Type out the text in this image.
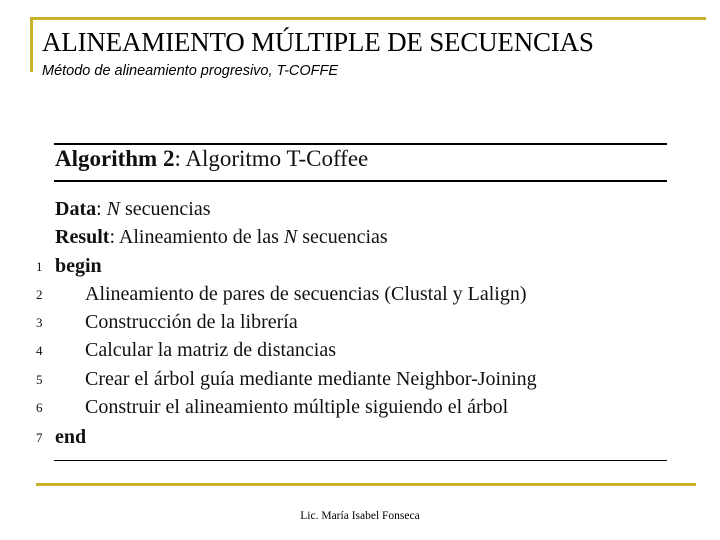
ALINEAMIENTO MÚLTIPLE DE SECUENCIAS
Método de alineamiento progresivo, T-COFFE
Algorithm 2: Algoritmo T-Coffee
Data: N secuencias
Result: Alineamiento de las N secuencias
1 begin
2 Alineamiento de pares de secuencias (Clustal y Lalign)
3 Construcción de la librería
4 Calcular la matriz de distancias
5 Crear el árbol guía mediante mediante Neighbor-Joining
6 Construir el alineamiento múltiple siguiendo el árbol
7 end
Lic. María Isabel Fonseca
